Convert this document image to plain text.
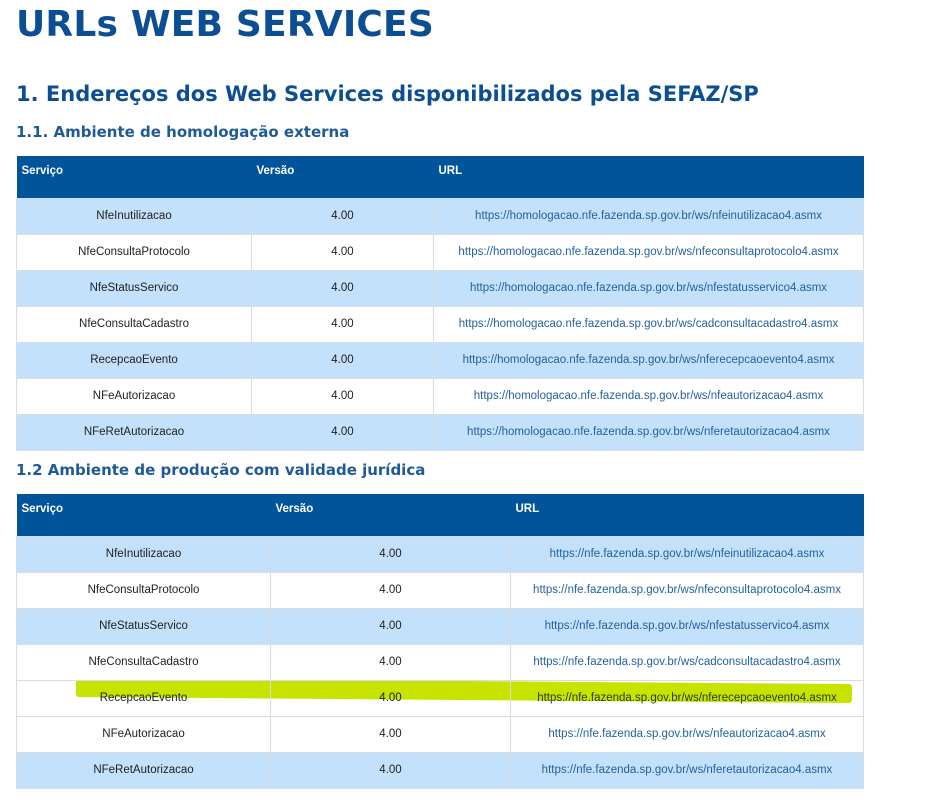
URLs WEB SERVICES
1. Endereços dos Web Services disponibilizados pela SEFAZ/SP
1.1. Ambiente de homologação externa
Serviço	Versão	URL
NfeInutilizacao	4.00	https://homologacao.nfe.fazenda.sp.gov.br/ws/nfeinutilizacao4.asmx
NfeConsultaProtocolo	4.00	https://homologacao.nfe.fazenda.sp.gov.br/ws/nfeconsultaprotocolo4.asmx
NfeStatusServico	4.00	https://homologacao.nfe.fazenda.sp.gov.br/ws/nfestatusservico4.asmx
NfeConsultaCadastro	4.00	https://homologacao.nfe.fazenda.sp.gov.br/ws/cadconsultacadastro4.asmx
RecepcaoEvento	4.00	https://homologacao.nfe.fazenda.sp.gov.br/ws/nferecepcaoevento4.asmx
NFeAutorizacao	4.00	https://homologacao.nfe.fazenda.sp.gov.br/ws/nfeautorizacao4.asmx
NFeRetAutorizacao	4.00	https://homologacao.nfe.fazenda.sp.gov.br/ws/nferetautorizacao4.asmx
1.2 Ambiente de produção com validade jurídica
Serviço	Versão	URL
NfeInutilizacao	4.00	https://nfe.fazenda.sp.gov.br/ws/nfeinutilizacao4.asmx
NfeConsultaProtocolo	4.00	https://nfe.fazenda.sp.gov.br/ws/nfeconsultaprotocolo4.asmx
NfeStatusServico	4.00	https://nfe.fazenda.sp.gov.br/ws/nfestatusservico4.asmx
NfeConsultaCadastro	4.00	https://nfe.fazenda.sp.gov.br/ws/cadconsultacadastro4.asmx
RecepcaoEvento	4.00	https://nfe.fazenda.sp.gov.br/ws/nferecepcaoevento4.asmx
NFeAutorizacao	4.00	https://nfe.fazenda.sp.gov.br/ws/nfeautorizacao4.asmx
NFeRetAutorizacao	4.00	https://nfe.fazenda.sp.gov.br/ws/nferetautorizacao4.asmx
